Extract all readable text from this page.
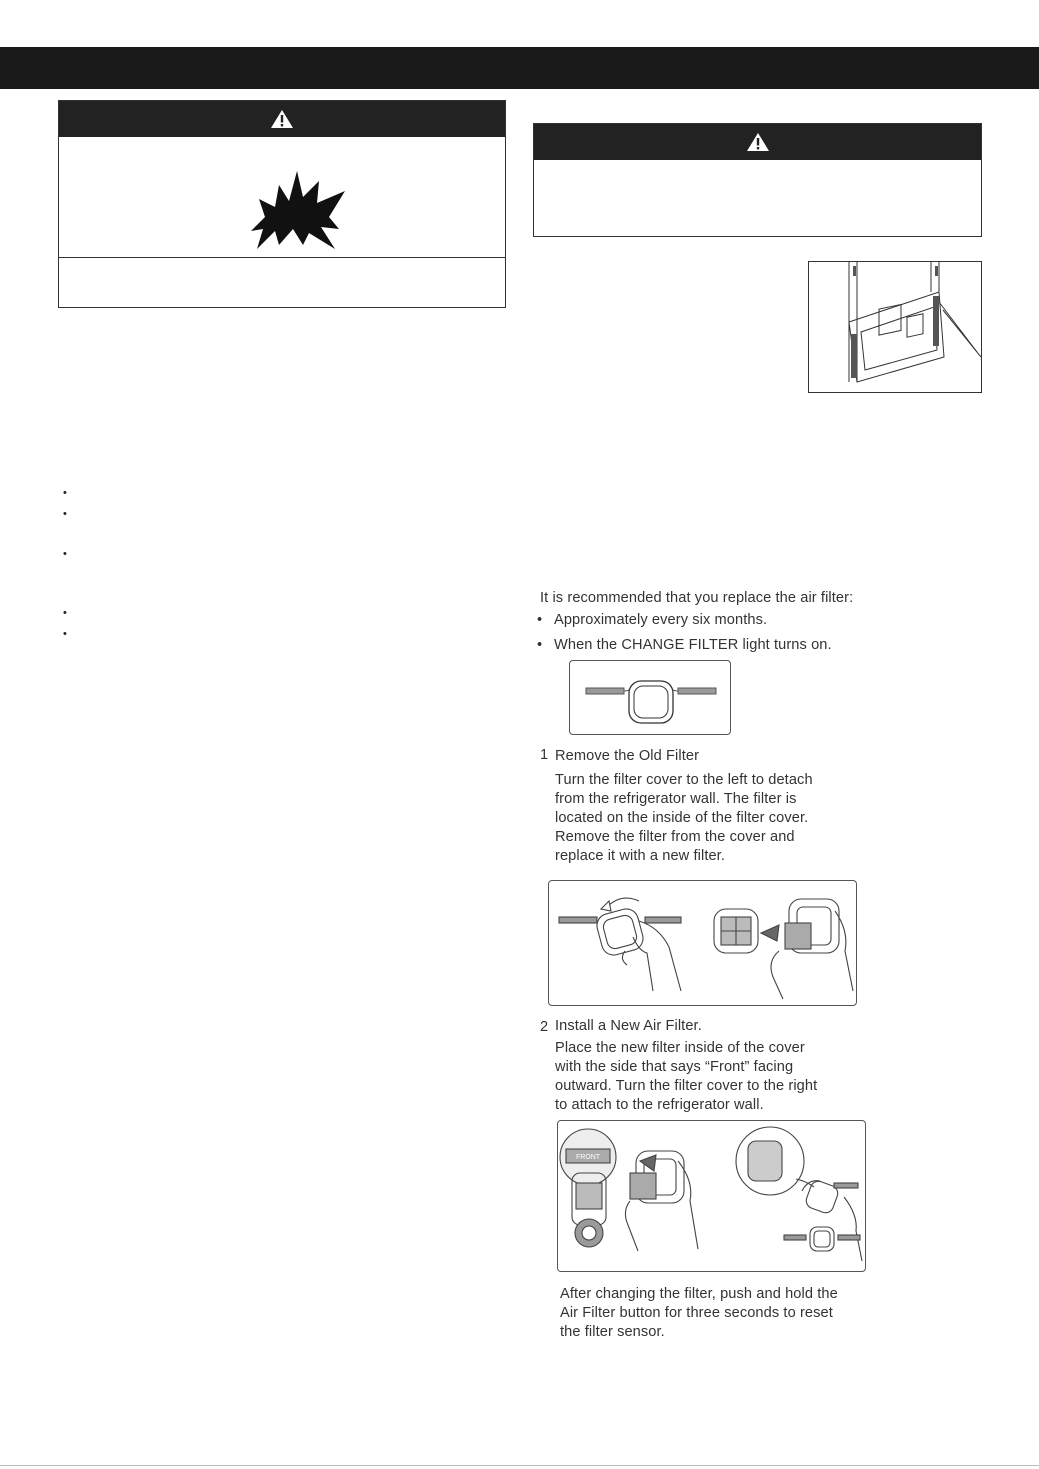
•
•
•
•
•
It is recommended that you replace the air filter:
• Approximately every six months.
• When the CHANGE FILTER light turns on.
1 Remove the Old Filter
Turn the filter cover to the left to detach
from the refrigerator wall. The filter is
located on the inside of the filter cover.
Remove the filter from the cover and
replace it with a new filter.
2 Install a New Air Filter.
Place the new filter inside of the cover
with the side that says “Front” facing
outward. Turn the filter cover to the right
to attach to the refrigerator wall.
FRONT
After changing the filter, push and hold the
Air Filter button for three seconds to reset
the filter sensor.
